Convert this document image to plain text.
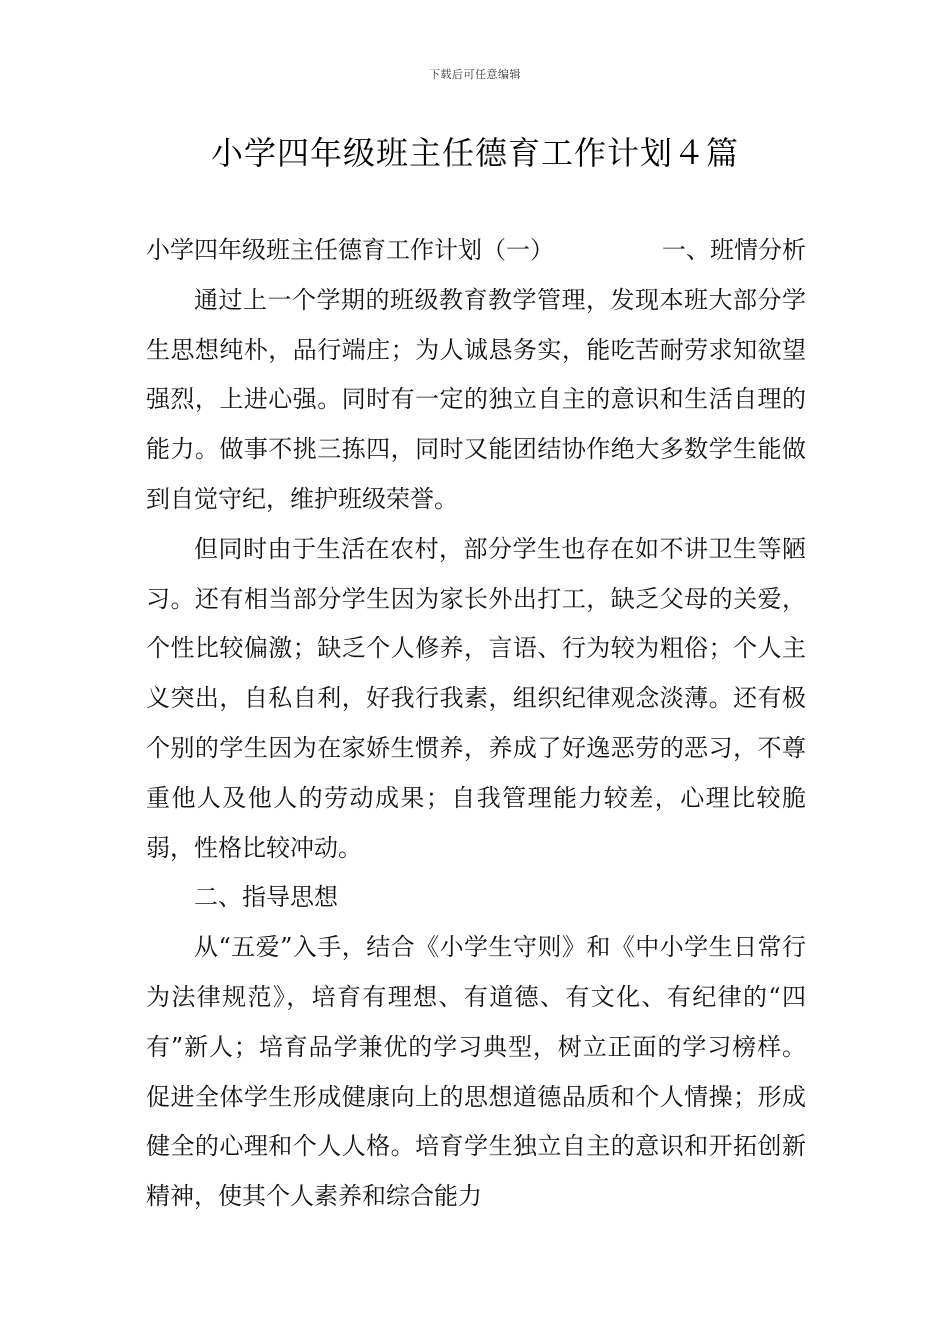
下载后可任意编辑
小学四年级班主任德育工作计划４篇

小学四年级班主任德育工作计划（一）	一、班情分析

通过上一个学期的班级教育教学管理，发现本班大部分学生思想纯朴，品行端庄；为人诚恳务实，能吃苦耐劳求知欲望强烈，上进心强。同时有一定的独立自主的意识和生活自理的能力。做事不挑三拣四，同时又能团结协作绝大多数学生能做到自觉守纪，维护班级荣誉。

但同时由于生活在农村，部分学生也存在如不讲卫生等陋习。还有相当部分学生因为家长外出打工，缺乏父母的关爱，个性比较偏激；缺乏个人修养，言语、行为较为粗俗；个人主义突出，自私自利，好我行我素，组织纪律观念淡薄。还有极个别的学生因为在家娇生惯养，养成了好逸恶劳的恶习，不尊重他人及他人的劳动成果；自我管理能力较差，心理比较脆弱，性格比较冲动。

二、指导思想

从“五爱”入手，结合《小学生守则》和《中小学生日常行为法律规范》，培育有理想、有道德、有文化、有纪律的“四有”新人；培育品学兼优的学习典型，树立正面的学习榜样。促进全体学生形成健康向上的思想道德品质和个人情操；形成健全的心理和个人人格。培育学生独立自主的意识和开拓创新精神，使其个人素养和综合能力
